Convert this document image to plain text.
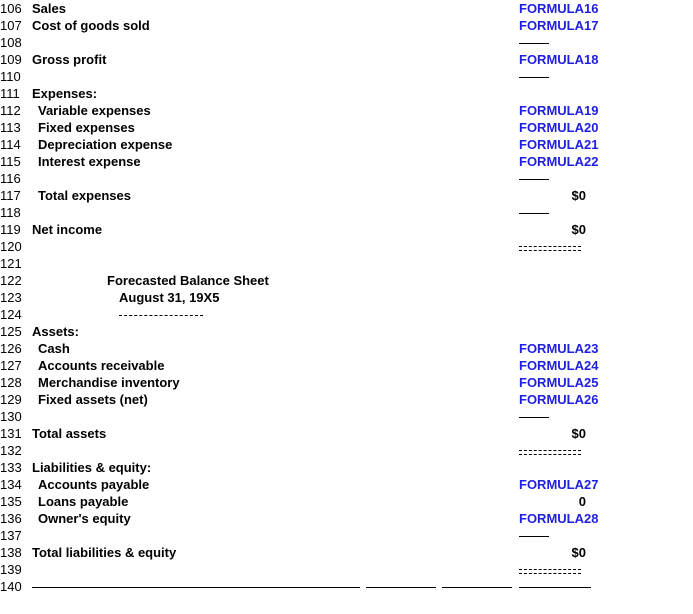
106 Sales	FORMULA16
107 Cost of goods sold	FORMULA17
108
109 Gross profit	FORMULA18
110
111 Expenses:
112	Variable expenses	FORMULA19
113	Fixed expenses	FORMULA20
114	Depreciation expense	FORMULA21
115	Interest expense	FORMULA22
116
117	Total expenses	$0
118
119 Net income	$0
120
121
122	Forecasted Balance Sheet
123	August 31, 19X5
124
125 Assets:
126	Cash	FORMULA23
127	Accounts receivable	FORMULA24
128	Merchandise inventory	FORMULA25
129	Fixed assets (net)	FORMULA26
130
131 Total assets	$0
132
133 Liabilities & equity:
134	Accounts payable	FORMULA27
135	Loans payable	0
136	Owner's equity	FORMULA28
137
138 Total liabilities & equity	$0
139
140
